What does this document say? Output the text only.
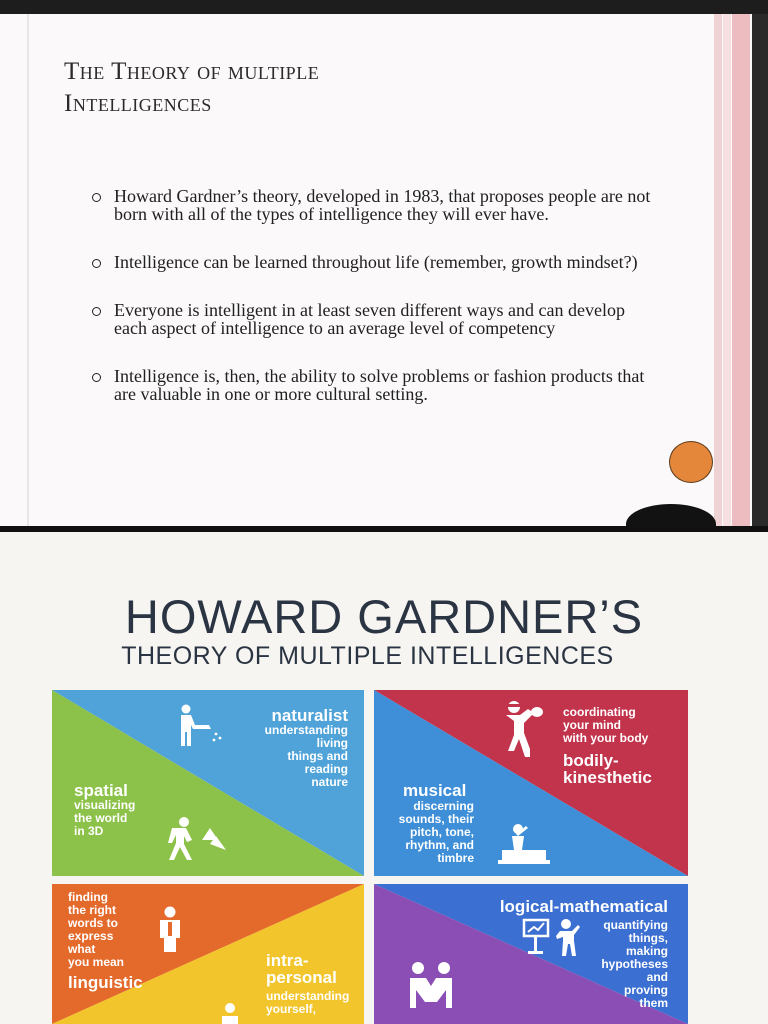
The Theory of multiple
Intelligences
Howard Gardner’s theory, developed in 1983, that proposes people are not born with all of the types of intelligence they will ever have.
Intelligence can be learned throughout life (remember, growth mindset?)
Everyone is intelligent in at least seven different ways and can develop each aspect of intelligence to an average level of competency
Intelligence is, then, the ability to solve problems or fashion products that are valuable in one or more cultural setting.
HOWARD GARDNER’S
THEORY OF MULTIPLE INTELLIGENCES
naturalist
understanding
living
things and
reading
nature
spatial
visualizing
the world
in 3D
coordinating
your mind
with your body
bodily-
kinesthetic
musical
discerning
sounds, their
pitch, tone,
rhythm, and
timbre
finding
the right
words to
express
what
you mean
linguistic
intra-
personal
understanding
yourself,
logical-mathematical
quantifying
things,
making
hypotheses
and
proving
them
